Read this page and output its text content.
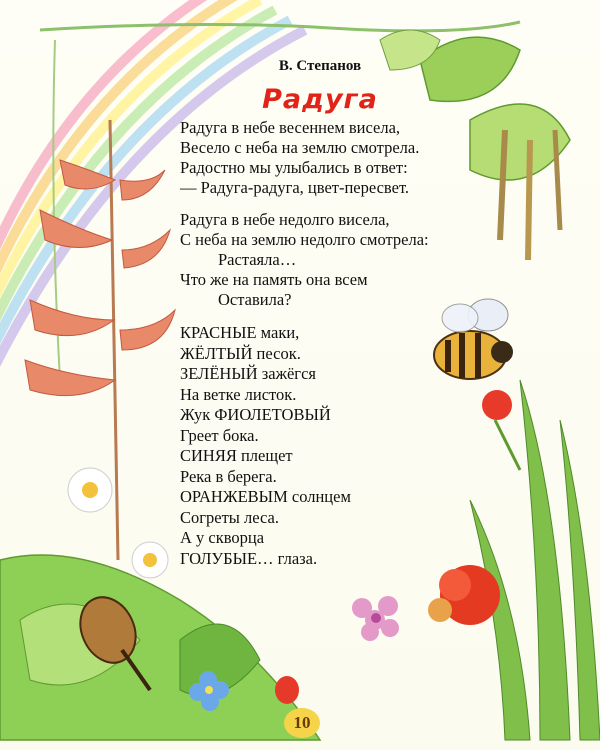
В. Степанов
Радуга
Радуга в небе весеннем висела,
Весело с неба на землю смотрела.
Радостно мы улыбались в ответ:
— Радуга-радуга, цвет-пересвет.
Радуга в небе недолго висела,
С неба на землю недолго смотрела:
Растаяла…
Что же на память она всем
Оставила?
КРАСНЫЕ маки,
ЖЁЛТЫЙ песок.
ЗЕЛЁНЫЙ зажёгся
На ветке листок.
Жук ФИОЛЕТОВЫЙ
Греет бока.
СИНЯЯ плещет
Река в берега.
ОРАНЖЕВЫМ солнцем
Согреты леса.
А у скворца
ГОЛУБЫЕ… глаза.
10
